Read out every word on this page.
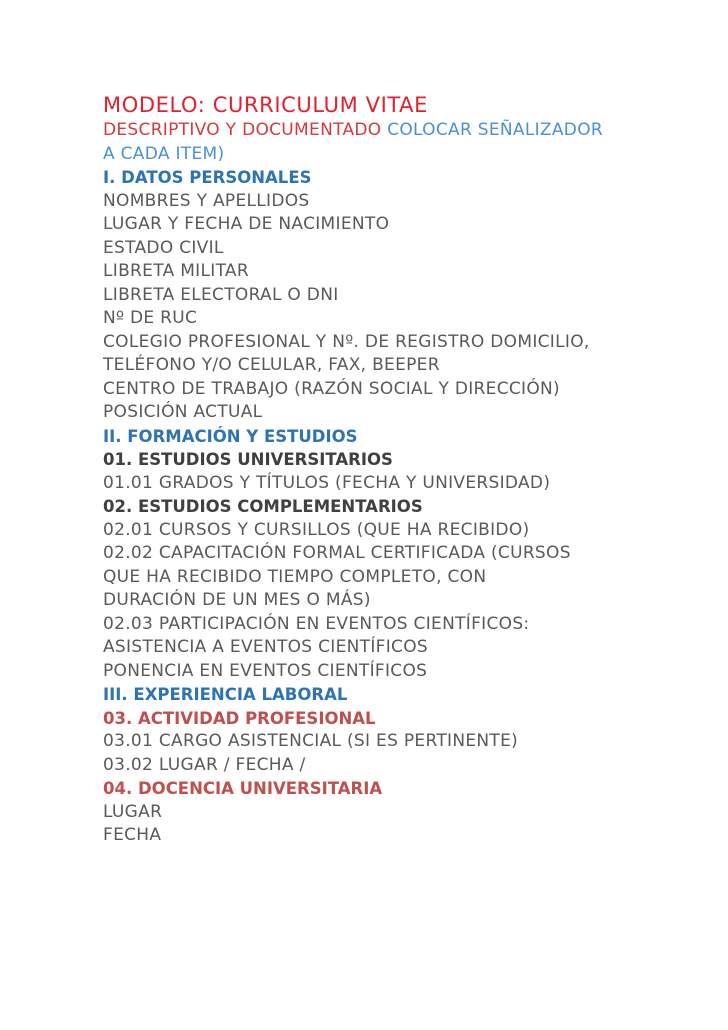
MODELO: CURRICULUM VITAE
DESCRIPTIVO Y DOCUMENTADO COLOCAR SEÑALIZADOR
A CADA ITEM)
I. DATOS PERSONALES
NOMBRES Y APELLIDOS
LUGAR Y FECHA DE NACIMIENTO
ESTADO CIVIL
LIBRETA MILITAR
LIBRETA ELECTORAL O DNI
Nº DE RUC
COLEGIO PROFESIONAL Y Nº. DE REGISTRO DOMICILIO,
TELÉFONO Y/O CELULAR, FAX, BEEPER
CENTRO DE TRABAJO (RAZÓN SOCIAL Y DIRECCIÓN)
POSICIÓN ACTUAL
II. FORMACIÓN Y ESTUDIOS
01. ESTUDIOS UNIVERSITARIOS
01.01 GRADOS Y TÍTULOS (FECHA Y UNIVERSIDAD)
02. ESTUDIOS COMPLEMENTARIOS
02.01 CURSOS Y CURSILLOS (QUE HA RECIBIDO)
02.02 CAPACITACIÓN FORMAL CERTIFICADA (CURSOS
QUE HA RECIBIDO TIEMPO COMPLETO, CON
DURACIÓN DE UN MES O MÁS)
02.03 PARTICIPACIÓN EN EVENTOS CIENTÍFICOS:
ASISTENCIA A EVENTOS CIENTÍFICOS
PONENCIA EN EVENTOS CIENTÍFICOS
III. EXPERIENCIA LABORAL
03. ACTIVIDAD PROFESIONAL
03.01 CARGO ASISTENCIAL (SI ES PERTINENTE)
03.02 LUGAR / FECHA /
04. DOCENCIA UNIVERSITARIA
LUGAR
FECHA
